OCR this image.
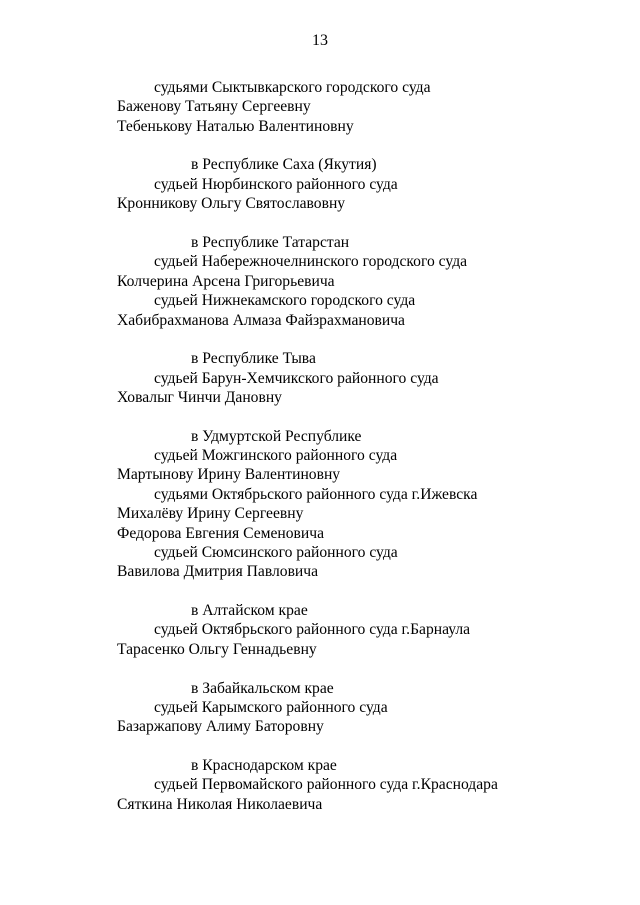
13
судьями Сыктывкарского городского суда
Баженову Татьяну Сергеевну
Тебенькову Наталью Валентиновну
в Республике Саха (Якутия)
судьей Нюрбинского районного суда
Кронникову Ольгу Святославовну
в Республике Татарстан
судьей Набережночелнинского городского суда
Колчерина Арсена Григорьевича
судьей Нижнекамского городского суда
Хабибрахманова Алмаза Файзрахмановича
в Республике Тыва
судьей Барун-Хемчикского районного суда
Ховалыг Чинчи Дановну
в Удмуртской Республике
судьей Можгинского районного суда
Мартынову Ирину Валентиновну
судьями Октябрьского районного суда г.Ижевска
Михалёву Ирину Сергеевну
Федорова Евгения Семеновича
судьей Сюмсинского районного суда
Вавилова Дмитрия Павловича
в Алтайском крае
судьей Октябрьского районного суда г.Барнаула
Тарасенко Ольгу Геннадьевну
в Забайкальском крае
судьей Карымского районного суда
Базаржапову Алиму Баторовну
в Краснодарском крае
судьей Первомайского районного суда г.Краснодара
Сяткина Николая Николаевича
